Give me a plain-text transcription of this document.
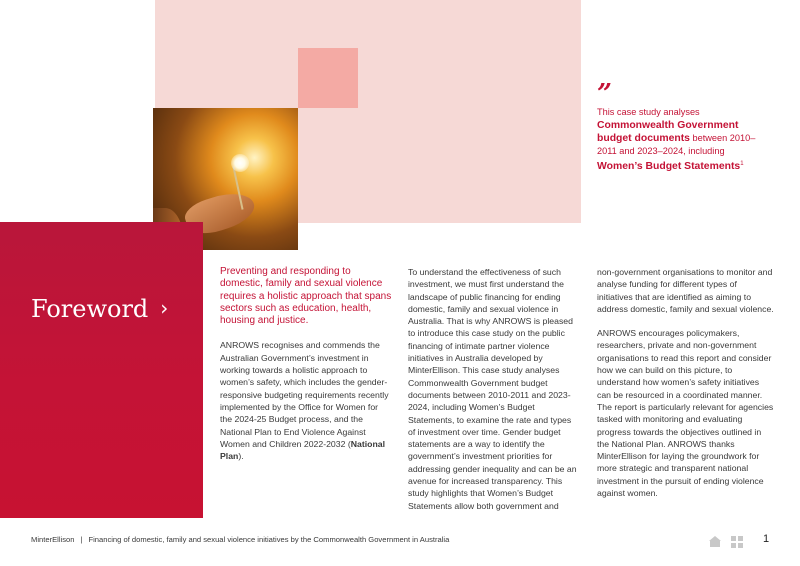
Foreword ›
”
This case study analyses Commonwealth Government budget documents between 2010–2011 and 2023–2024, including Women’s Budget Statements$^1$

Preventing and responding to domestic, family and sexual violence requires a holistic approach that spans sectors such as education, health, housing and justice.

ANROWS recognises and commends the Australian Government’s investment in working towards a holistic approach to women’s safety, which includes the gender-responsive budgeting requirements recently implemented by the Office for Women for the 2024-25 Budget process, and the National Plan to End Violence Against Women and Children 2022-2032 (National Plan).

To understand the effectiveness of such investment, we must first understand the landscape of public financing for ending domestic, family and sexual violence in Australia. That is why ANROWS is pleased to introduce this case study on the public financing of intimate partner violence initiatives in Australia developed by MinterEllison. This case study analyses Commonwealth Government budget documents between 2010-2011 and 2023-2024, including Women’s Budget Statements, to examine the rate and types of investment over time. Gender budget statements are a way to identify the government’s investment priorities for addressing gender inequality and can be an avenue for increased transparency. This study highlights that Women’s Budget Statements allow both government and

non-government organisations to monitor and analyse funding for different types of initiatives that are identified as aiming to address domestic, family and sexual violence.

ANROWS encourages policymakers, researchers, private and non-government organisations to read this report and consider how we can build on this picture, to understand how women’s safety initiatives can be resourced in a coordinated manner. The report is particularly relevant for agencies tasked with monitoring and evaluating progress towards the objectives outlined in the National Plan. ANROWS thanks MinterEllison for laying the groundwork for more strategic and transparent national investment in the pursuit of ending violence against women.

MinterEllison | Financing of domestic, family and sexual violence initiatives by the Commonwealth Government in Australia	1
